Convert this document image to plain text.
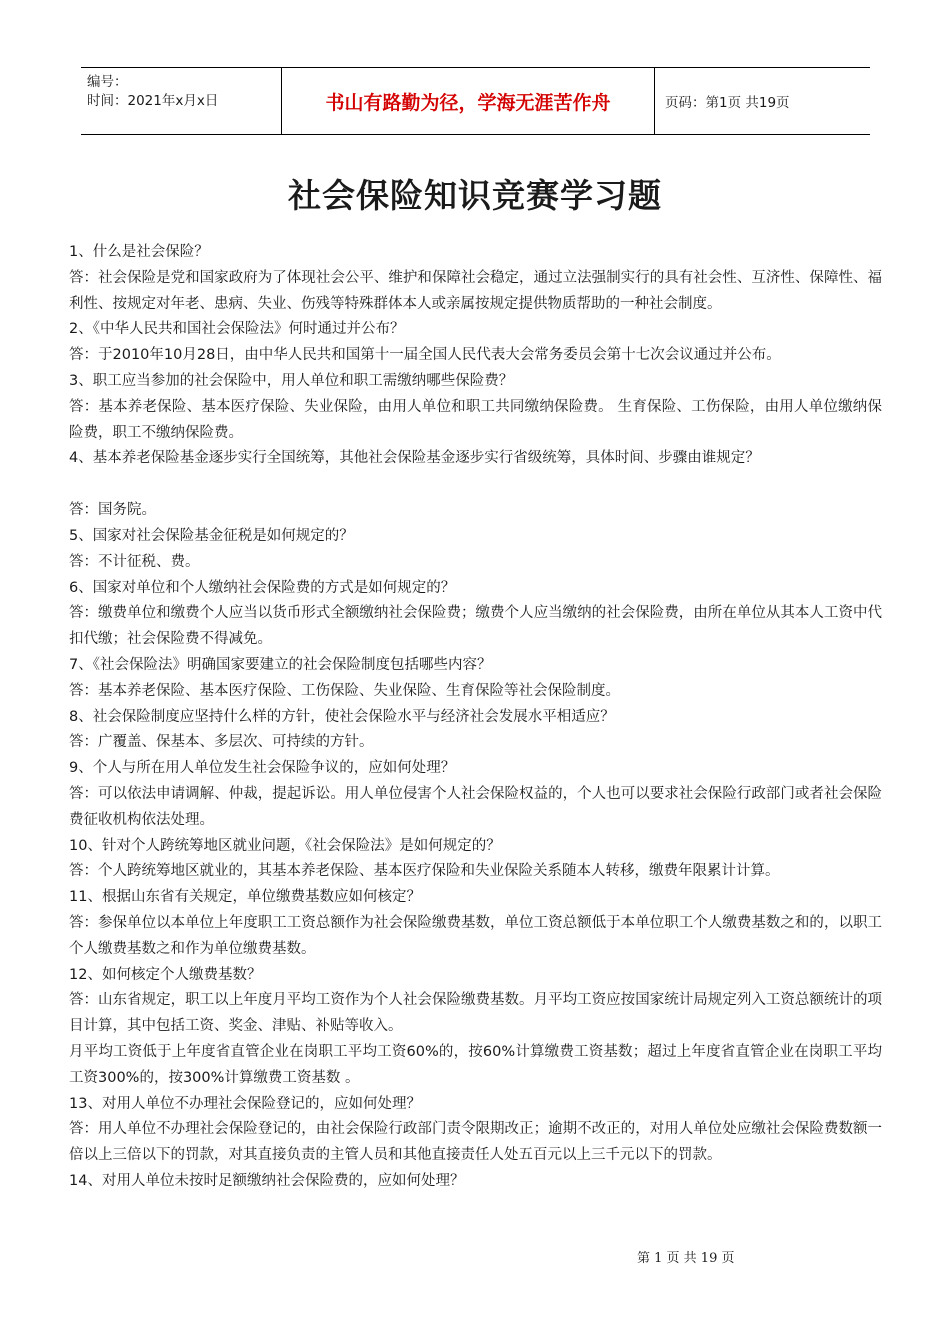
编号：
时间：2021年x月x日	书山有路勤为径，学海无涯苦作舟	页码：第1页 共19页
社会保险知识竞赛学习题

1、什么是社会保险？

答：社会保险是党和国家政府为了体现社会公平、维护和保障社会稳定，通过立法强制实行的具有社会性、互济性、保障性、福利性、按规定对年老、患病、失业、伤残等特殊群体本人或亲属按规定提供物质帮助的一种社会制度。

2、《中华人民共和国社会保险法》何时通过并公布？

答：于2010年10月28日，由中华人民共和国第十一届全国人民代表大会常务委员会第十七次会议通过并公布。

3、职工应当参加的社会保险中，用人单位和职工需缴纳哪些保险费？

答：基本养老保险、基本医疗保险、失业保险，由用人单位和职工共同缴纳保险费。 生育保险、工伤保险，由用人单位缴纳保险费，职工不缴纳保险费。

4、基本养老保险基金逐步实行全国统筹，其他社会保险基金逐步实行省级统筹，具体时间、步骤由谁规定？

答：国务院。

5、国家对社会保险基金征税是如何规定的？

答：不计征税、费。

6、国家对单位和个人缴纳社会保险费的方式是如何规定的？

答：缴费单位和缴费个人应当以货币形式全额缴纳社会保险费；缴费个人应当缴纳的社会保险费，由所在单位从其本人工资中代扣代缴；社会保险费不得减免。

7、《社会保险法》明确国家要建立的社会保险制度包括哪些内容？

答：基本养老保险、基本医疗保险、工伤保险、失业保险、生育保险等社会保险制度。

8、社会保险制度应坚持什么样的方针，使社会保险水平与经济社会发展水平相适应？

答：广覆盖、保基本、多层次、可持续的方针。

9、个人与所在用人单位发生社会保险争议的，应如何处理？

答：可以依法申请调解、仲裁，提起诉讼。用人单位侵害个人社会保险权益的，个人也可以要求社会保险行政部门或者社会保险费征收机构依法处理。

10、针对个人跨统筹地区就业问题，《社会保险法》是如何规定的？

答：个人跨统筹地区就业的，其基本养老保险、基本医疗保险和失业保险关系随本人转移，缴费年限累计计算。

11、根据山东省有关规定，单位缴费基数应如何核定？

答：参保单位以本单位上年度职工工资总额作为社会保险缴费基数，单位工资总额低于本单位职工个人缴费基数之和的，以职工个人缴费基数之和作为单位缴费基数。

12、如何核定个人缴费基数？

答：山东省规定，职工以上年度月平均工资作为个人社会保险缴费基数。月平均工资应按国家统计局规定列入工资总额统计的项目计算，其中包括工资、奖金、津贴、补贴等收入。

月平均工资低于上年度省直管企业在岗职工平均工资60%的，按60%计算缴费工资基数；超过上年度省直管企业在岗职工平均工资300%的，按300%计算缴费工资基数 。

13、对用人单位不办理社会保险登记的，应如何处理？

答：用人单位不办理社会保险登记的，由社会保险行政部门责令限期改正；逾期不改正的，对用人单位处应缴社会保险费数额一倍以上三倍以下的罚款，对其直接负责的主管人员和其他直接责任人处五百元以上三千元以下的罚款。

14、对用人单位未按时足额缴纳社会保险费的，应如何处理？

第 1 页 共 19 页
